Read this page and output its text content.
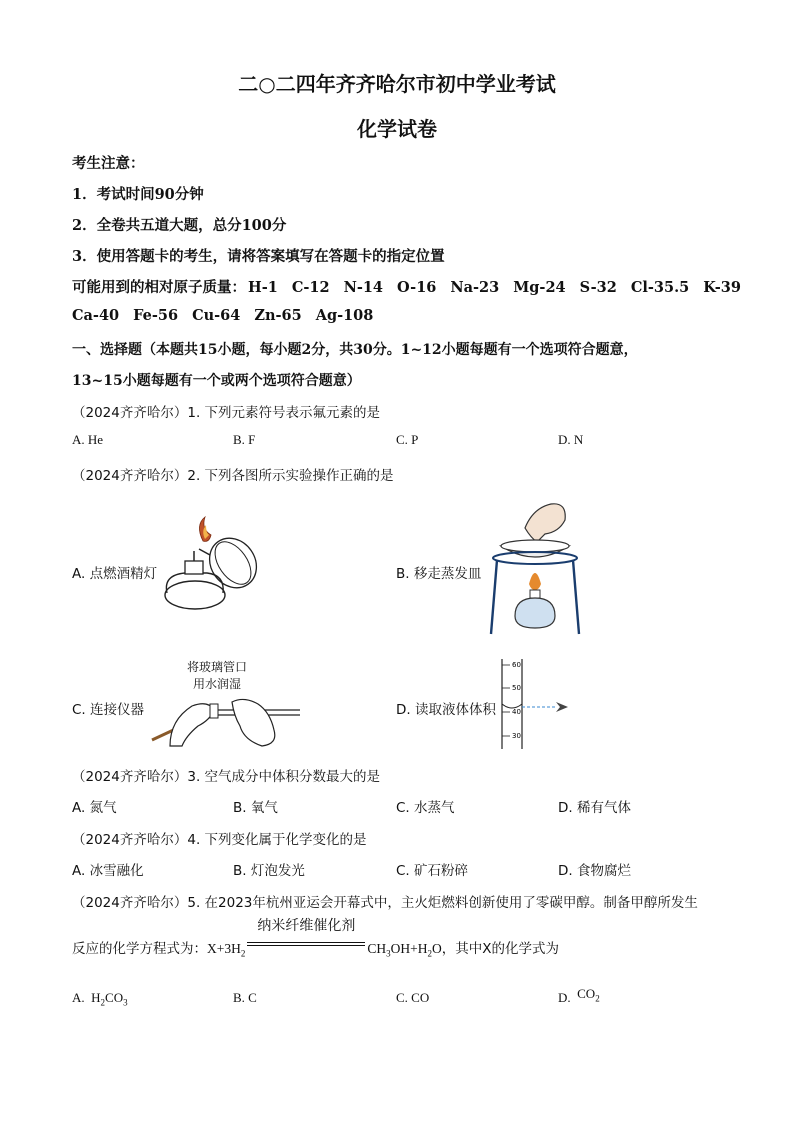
二○二四年齐齐哈尔市初中学业考试
化学试卷
考生注意：
1．考试时间90分钟
2．全卷共五道大题，总分100分
3．使用答题卡的考生，请将答案填写在答题卡的指定位置
可能用到的相对原子质量： H-1 C-12 N-14 O-16 Na-23 Mg-24 S-32 Cl-35.5 K-39
Ca-40 Fe-56 Cu-64 Zn-65 Ag-108
一、选择题（本题共15小题，每小题2分，共30分。1~12小题每题有一个选项符合题意，
13~15小题每题有一个或两个选项符合题意）
（2024齐齐哈尔）1. 下列元素符号表示氟元素的是
A. He	B. F	C. P	D. N
（2024齐齐哈尔）2. 下列各图所示实验操作正确的是
A. 点燃酒精灯	B. 移走蒸发皿
C. 连接仪器
将玻璃管口
用水润湿
D. 读取液体体积
60
50
40
30
（2024齐齐哈尔）3. 空气成分中体积分数最大的是
A. 氮气	B. 氧气	C. 水蒸气	D. 稀有气体
（2024齐齐哈尔）4. 下列变化属于化学变化的是
A. 冰雪融化	B. 灯泡发光	C. 矿石粉碎	D. 食物腐烂
（2024齐齐哈尔）5. 在2023年杭州亚运会开幕式中，主火炬燃料创新使用了零碳甲醇。制备甲醇所发生
反应的化学方程式为：$X+3H_2$
纳米纤维催化剂
$CH_3OH+H_2O$，其中X的化学式为
A.  $H_2CO_3$	B. C	C. CO	D. $CO_2$
